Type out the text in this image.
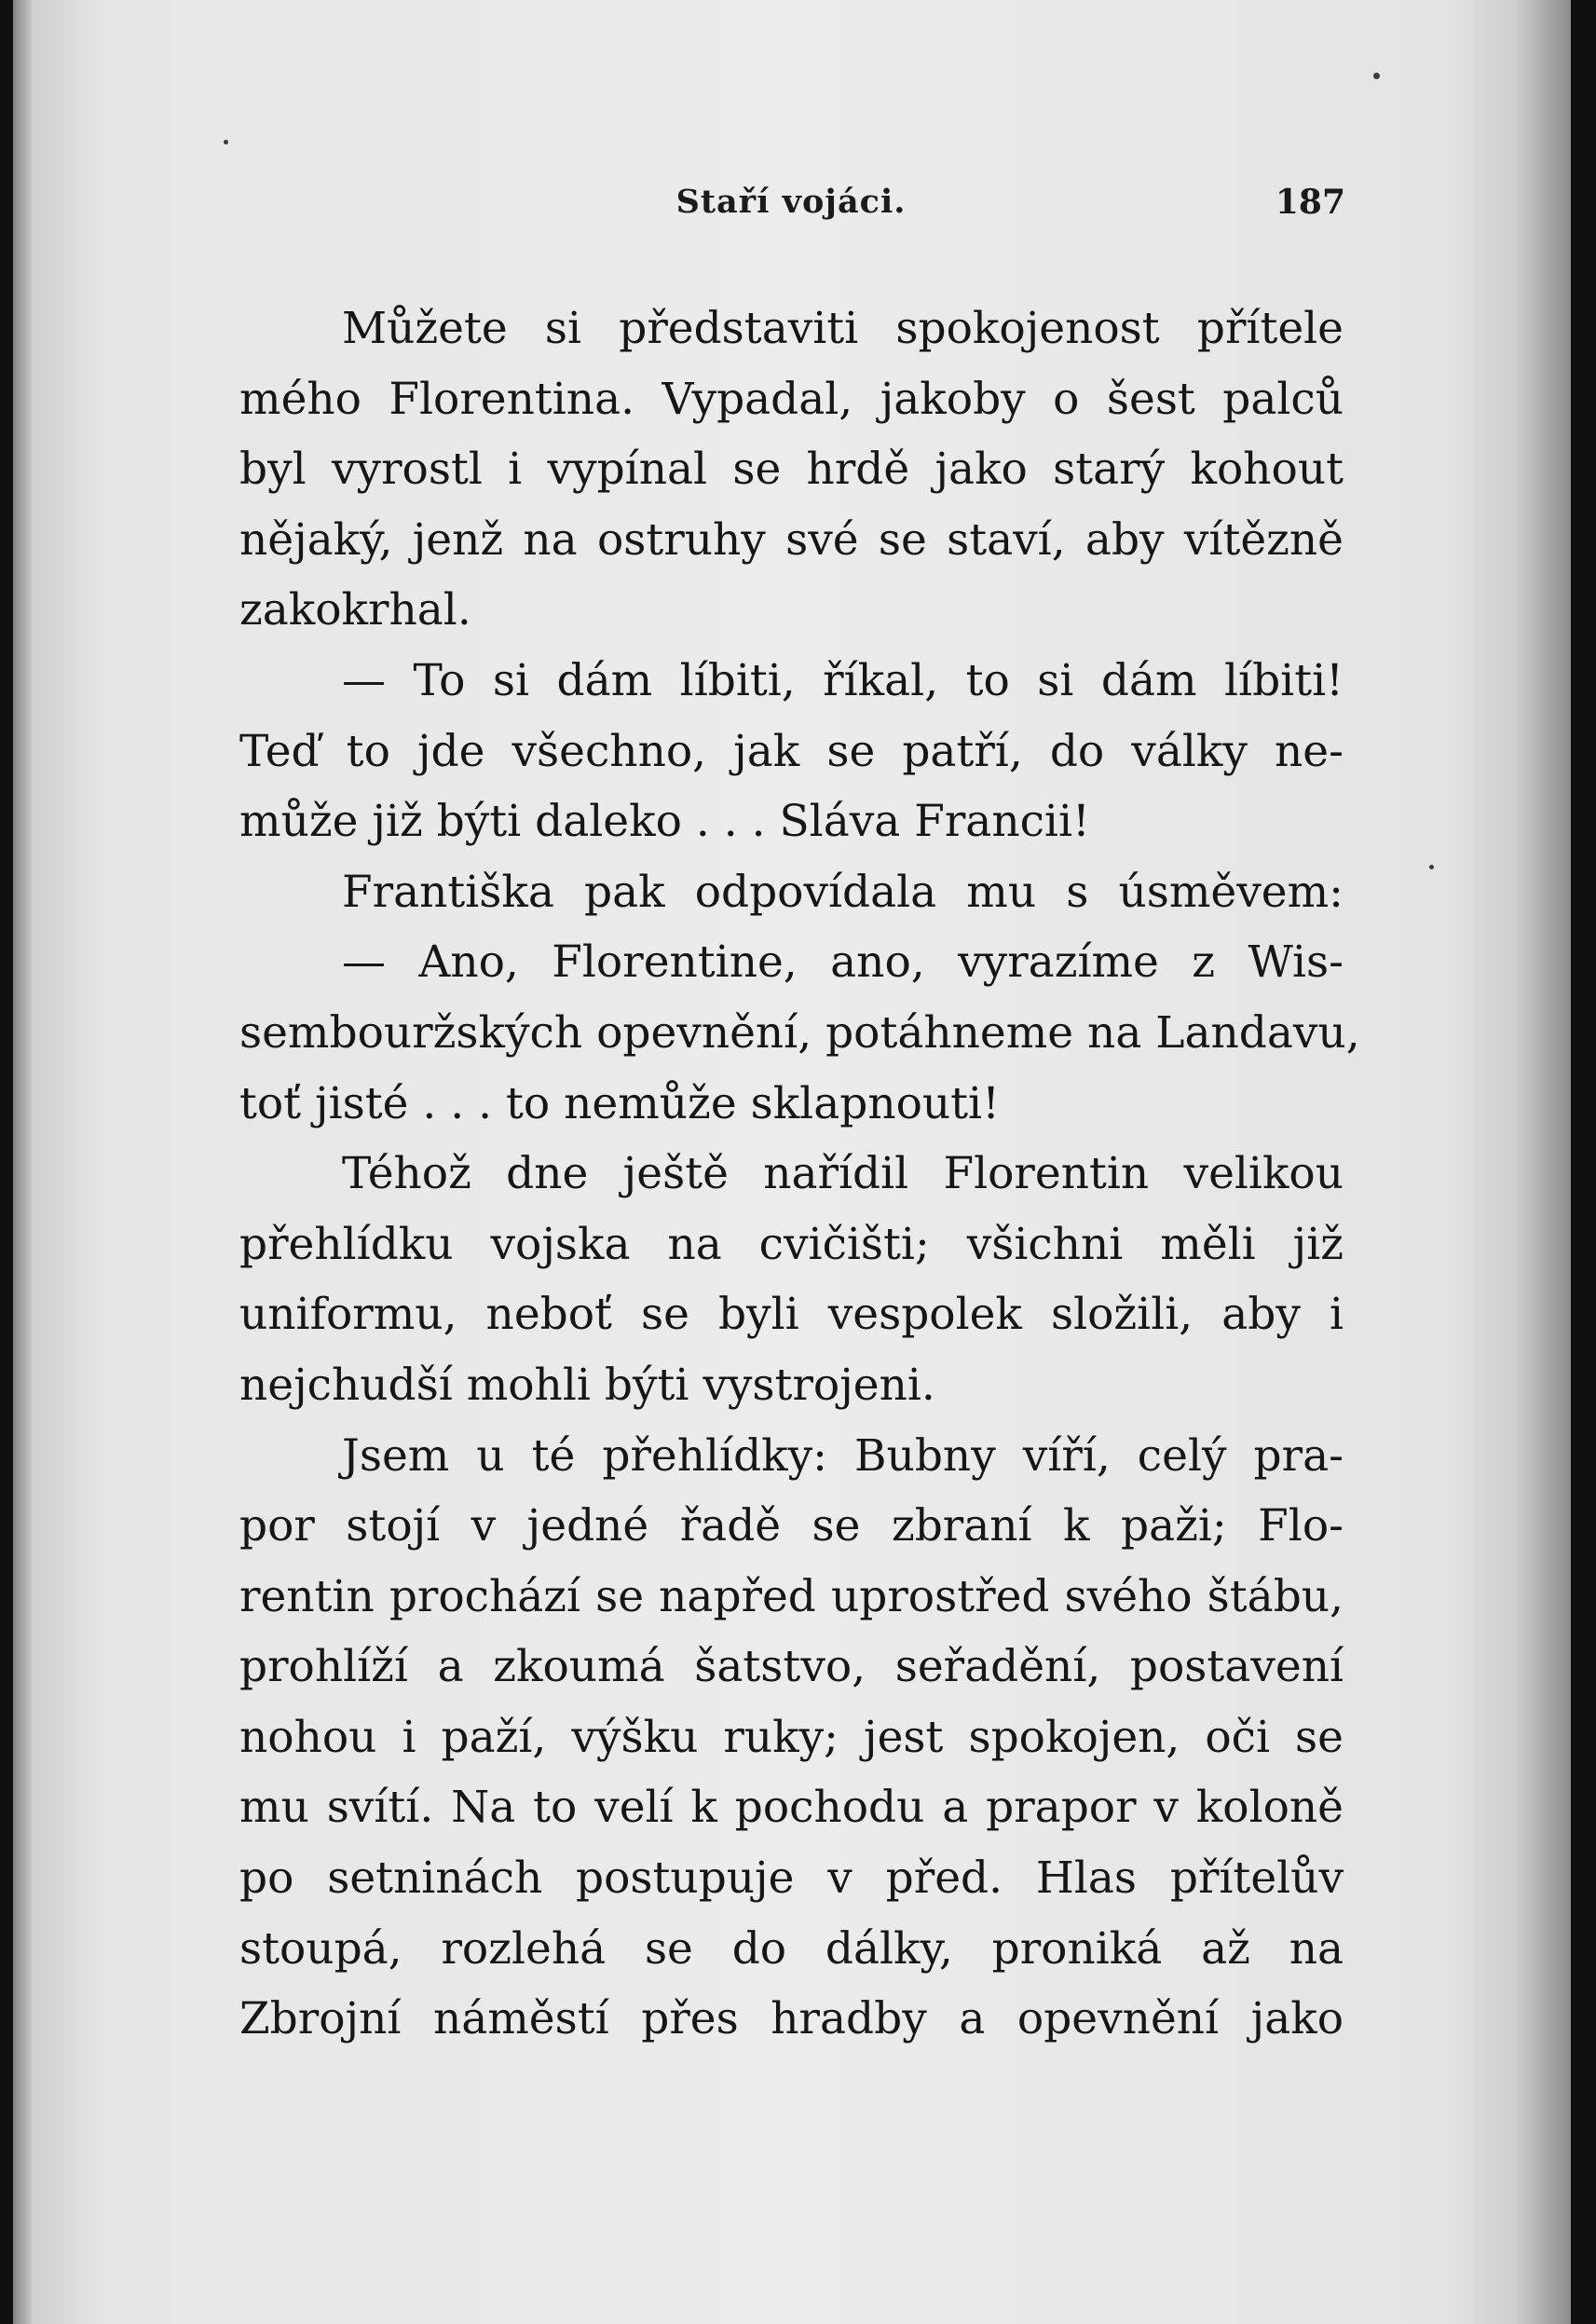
Staří vojáci.	187
Můžete si představiti spokojenost přítele
mého Florentina. Vypadal, jakoby o šest palců
byl vyrostl i vypínal se hrdě jako starý kohout
nějaký, jenž na ostruhy své se staví, aby vítězně
zakokrhal.
— To si dám líbiti, říkal, to si dám líbiti!
Teď to jde všechno, jak se patří, do války ne-
může již býti daleko . . . Sláva Francii!
Františka pak odpovídala mu s úsměvem:
— Ano, Florentine, ano, vyrazíme z Wis-
sembouržských opevnění, potáhneme na Landavu,
toť jisté . . . to nemůže sklapnouti!
Téhož dne ještě nařídil Florentin velikou
přehlídku vojska na cvičišti; všichni měli již
uniformu, neboť se byli vespolek složili, aby i
nejchudší mohli býti vystrojeni.
Jsem u té přehlídky: Bubny víří, celý pra-
por stojí v jedné řadě se zbraní k paži; Flo-
rentin prochází se napřed uprostřed svého štábu,
prohlíží a zkoumá šatstvo, seřadění, postavení
nohou i paží, výšku ruky; jest spokojen, oči se
mu svítí. Na to velí k pochodu a prapor v koloně
po setninách postupuje v před. Hlas přítelův
stoupá, rozlehá se do dálky, proniká až na
Zbrojní náměstí přes hradby a opevnění jako
